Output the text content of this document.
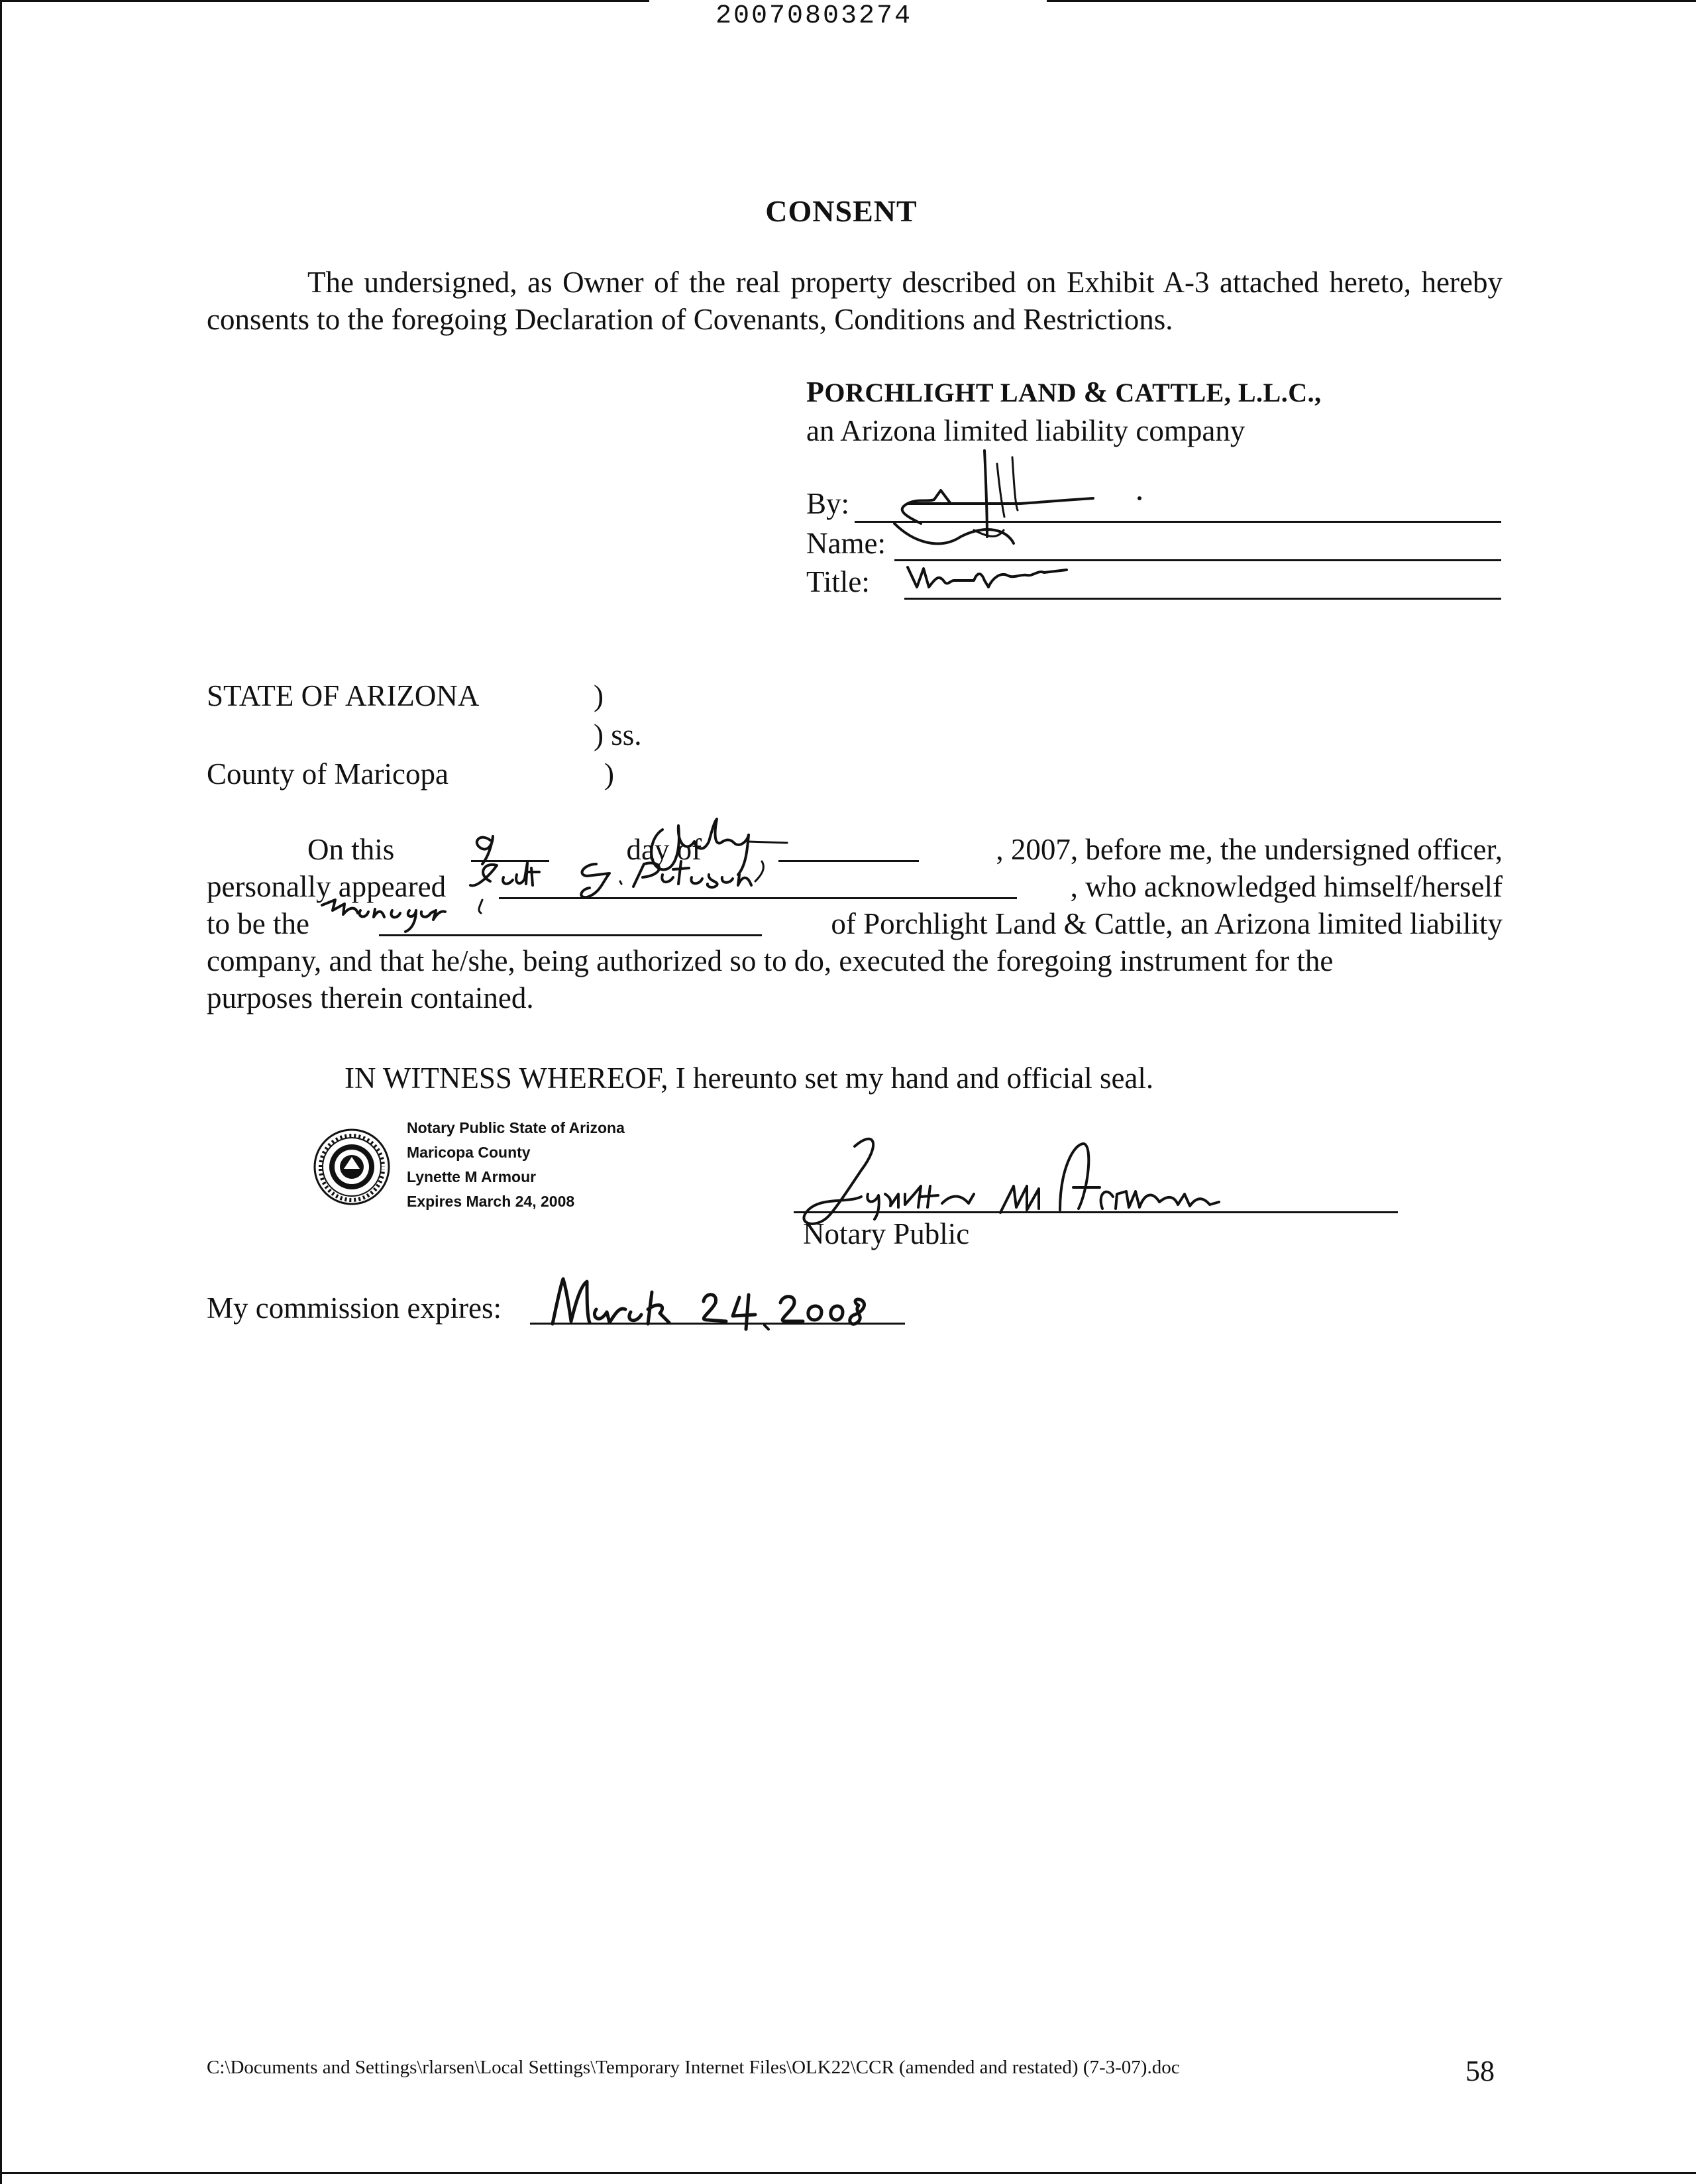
20070803274
CONSENT
The undersigned, as Owner of the real property described on Exhibit A-3 attached hereto, hereby consents to the foregoing Declaration of Covenants, Conditions and Restrictions.
PORCHLIGHT LAND & CATTLE, L.L.C.,
an Arizona limited liability company
By:
Name:
Title:
STATE OF ARIZONA	)
) ss.
County of Maricopa	)
On this	day of	, 2007, before me, the undersigned officer,
personally appeared	, who acknowledged himself/herself
to be the	of Porchlight Land & Cattle, an Arizona limited liability
company, and that he/she, being authorized so to do, executed the foregoing instrument for the
purposes therein contained.
IN WITNESS WHEREOF, I hereunto set my hand and official seal.
Notary Public State of Arizona
Maricopa County
Lynette M Armour
Expires March 24, 2008
Notary Public
My commission expires:
C:\Documents and Settings\rlarsen\Local Settings\Temporary Internet Files\OLK22\CCR (amended and restated) (7-3-07).doc	58
